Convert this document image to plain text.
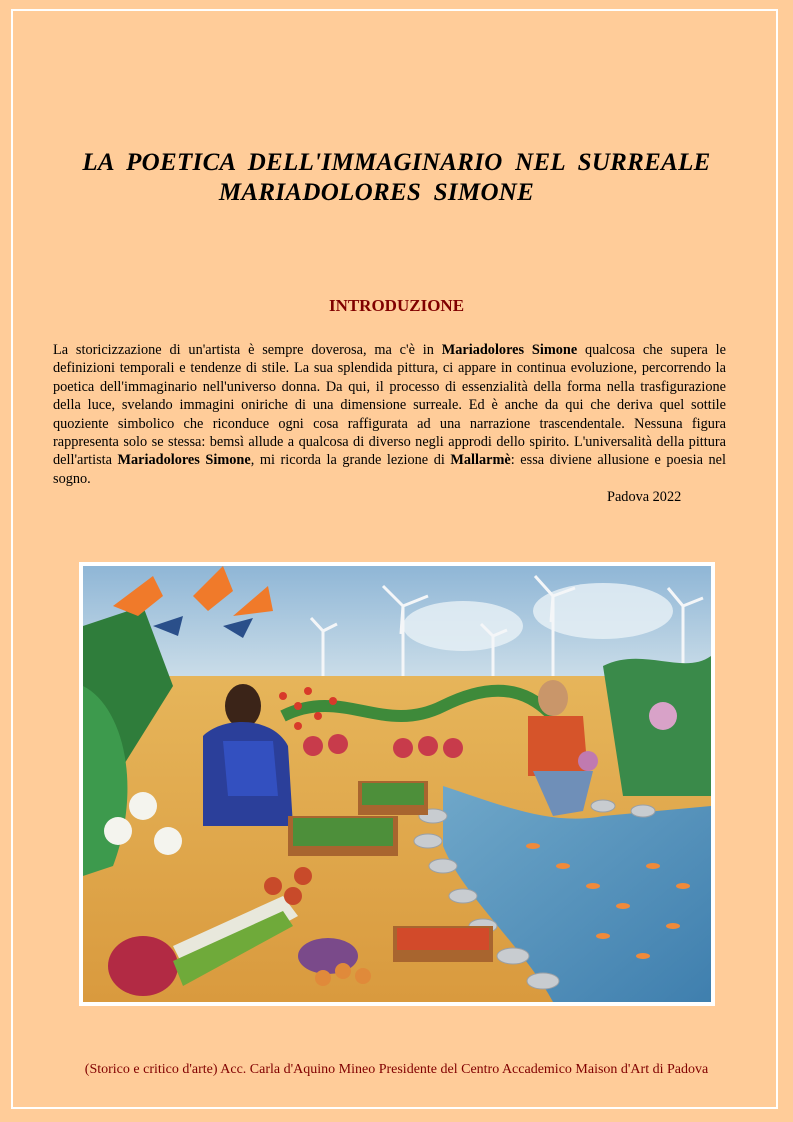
LA POETICA DELL'IMMAGINARIO NEL SURREALE
MARIADOLORES SIMONE
INTRODUZIONE
La storicizzazione di un'artista è sempre doverosa, ma c'è in Mariadolores Simone qualcosa che supera le definizioni temporali e tendenze di stile. La sua splendida pittura, ci appare in continua evoluzione, percorrendo la poetica dell'immaginario nell'universo donna. Da qui, il processo di essenzialità della forma nella trasfigurazione della luce, svelando immagini oniriche di una dimensione surreale. Ed è anche da qui che deriva quel sottile quoziente simbolico che riconduce ogni cosa raffigurata ad una narrazione trascendentale. Nessuna figura rappresenta solo se stessa: bemsì allude a qualcosa di diverso negli approdi dello spirito. L'universalità della pittura dell'artista Mariadolores Simone, mi ricorda la grande lezione di Mallarmè: essa diviene allusione e poesia nel sogno.
Padova 2022
(Storico e critico d'arte) Acc. Carla d'Aquino Mineo Presidente del Centro Accademico Maison d'Art di Padova
